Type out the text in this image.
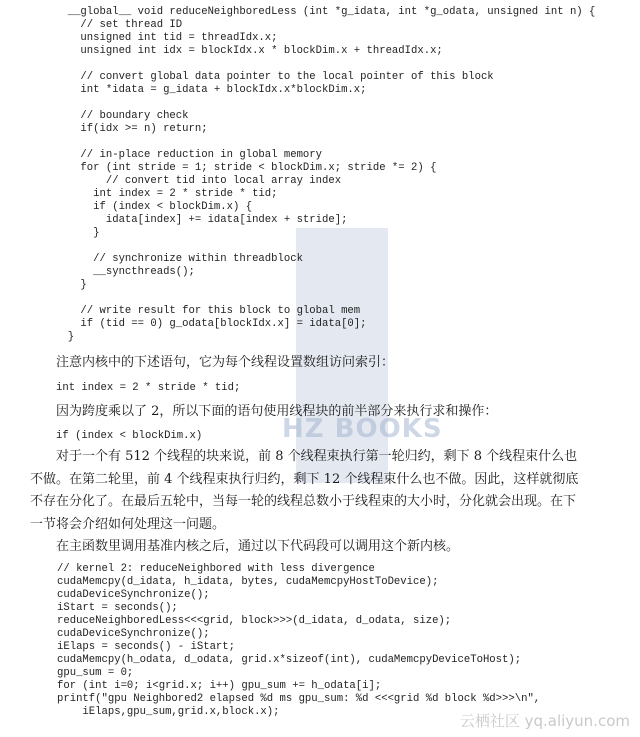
HZ BOOKS
__global__ void reduceNeighboredLess (int *g_idata, int *g_odata, unsigned int n) {
// set thread ID
unsigned int tid = threadIdx.x;
unsigned int idx = blockIdx.x * blockDim.x + threadIdx.x;
// convert global data pointer to the local pointer of this block
int *idata = g_idata + blockIdx.x*blockDim.x;
// boundary check
if(idx >= n) return;
// in-place reduction in global memory
for (int stride = 1; stride < blockDim.x; stride *= 2) {
// convert tid into local array index
int index = 2 * stride * tid;
if (index < blockDim.x) {
idata[index] += idata[index + stride];
}
// synchronize within threadblock
__syncthreads();
}
// write result for this block to global mem
if (tid == 0) g_odata[blockIdx.x] = idata[0];
}

注意内核中的下述语句，它为每个线程设置数组访问索引：

int index = 2 * stride * tid;

因为跨度乘以了 2，所以下面的语句使用线程块的前半部分来执行求和操作：

if (index < blockDim.x)

对于一个有 512 个线程的块来说，前 8 个线程束执行第一轮归约，剩下 8 个线程束什么也不做。在第二轮里，前 4 个线程束执行归约，剩下 12 个线程束什么也不做。因此，这样就彻底不存在分化了。在最后五轮中，当每一轮的线程总数小于线程束的大小时，分化就会出现。在下一节将会介绍如何处理这一问题。

在主函数里调用基准内核之后，通过以下代码段可以调用这个新内核。

// kernel 2: reduceNeighbored with less divergence
cudaMemcpy(d_idata, h_idata, bytes, cudaMemcpyHostToDevice);
cudaDeviceSynchronize();
iStart = seconds();
reduceNeighboredLess<<<grid, block>>>(d_idata, d_odata, size);
cudaDeviceSynchronize();
iElaps = seconds() - iStart;
cudaMemcpy(h_odata, d_odata, grid.x*sizeof(int), cudaMemcpyDeviceToHost);
gpu_sum = 0;
for (int i=0; i<grid.x; i++) gpu_sum += h_odata[i];
printf("gpu Neighbored2 elapsed %d ms gpu_sum: %d <<<grid %d block %d>>>\n",
iElaps,gpu_sum,grid.x,block.x);	云栖社区 yq.aliyun.com
